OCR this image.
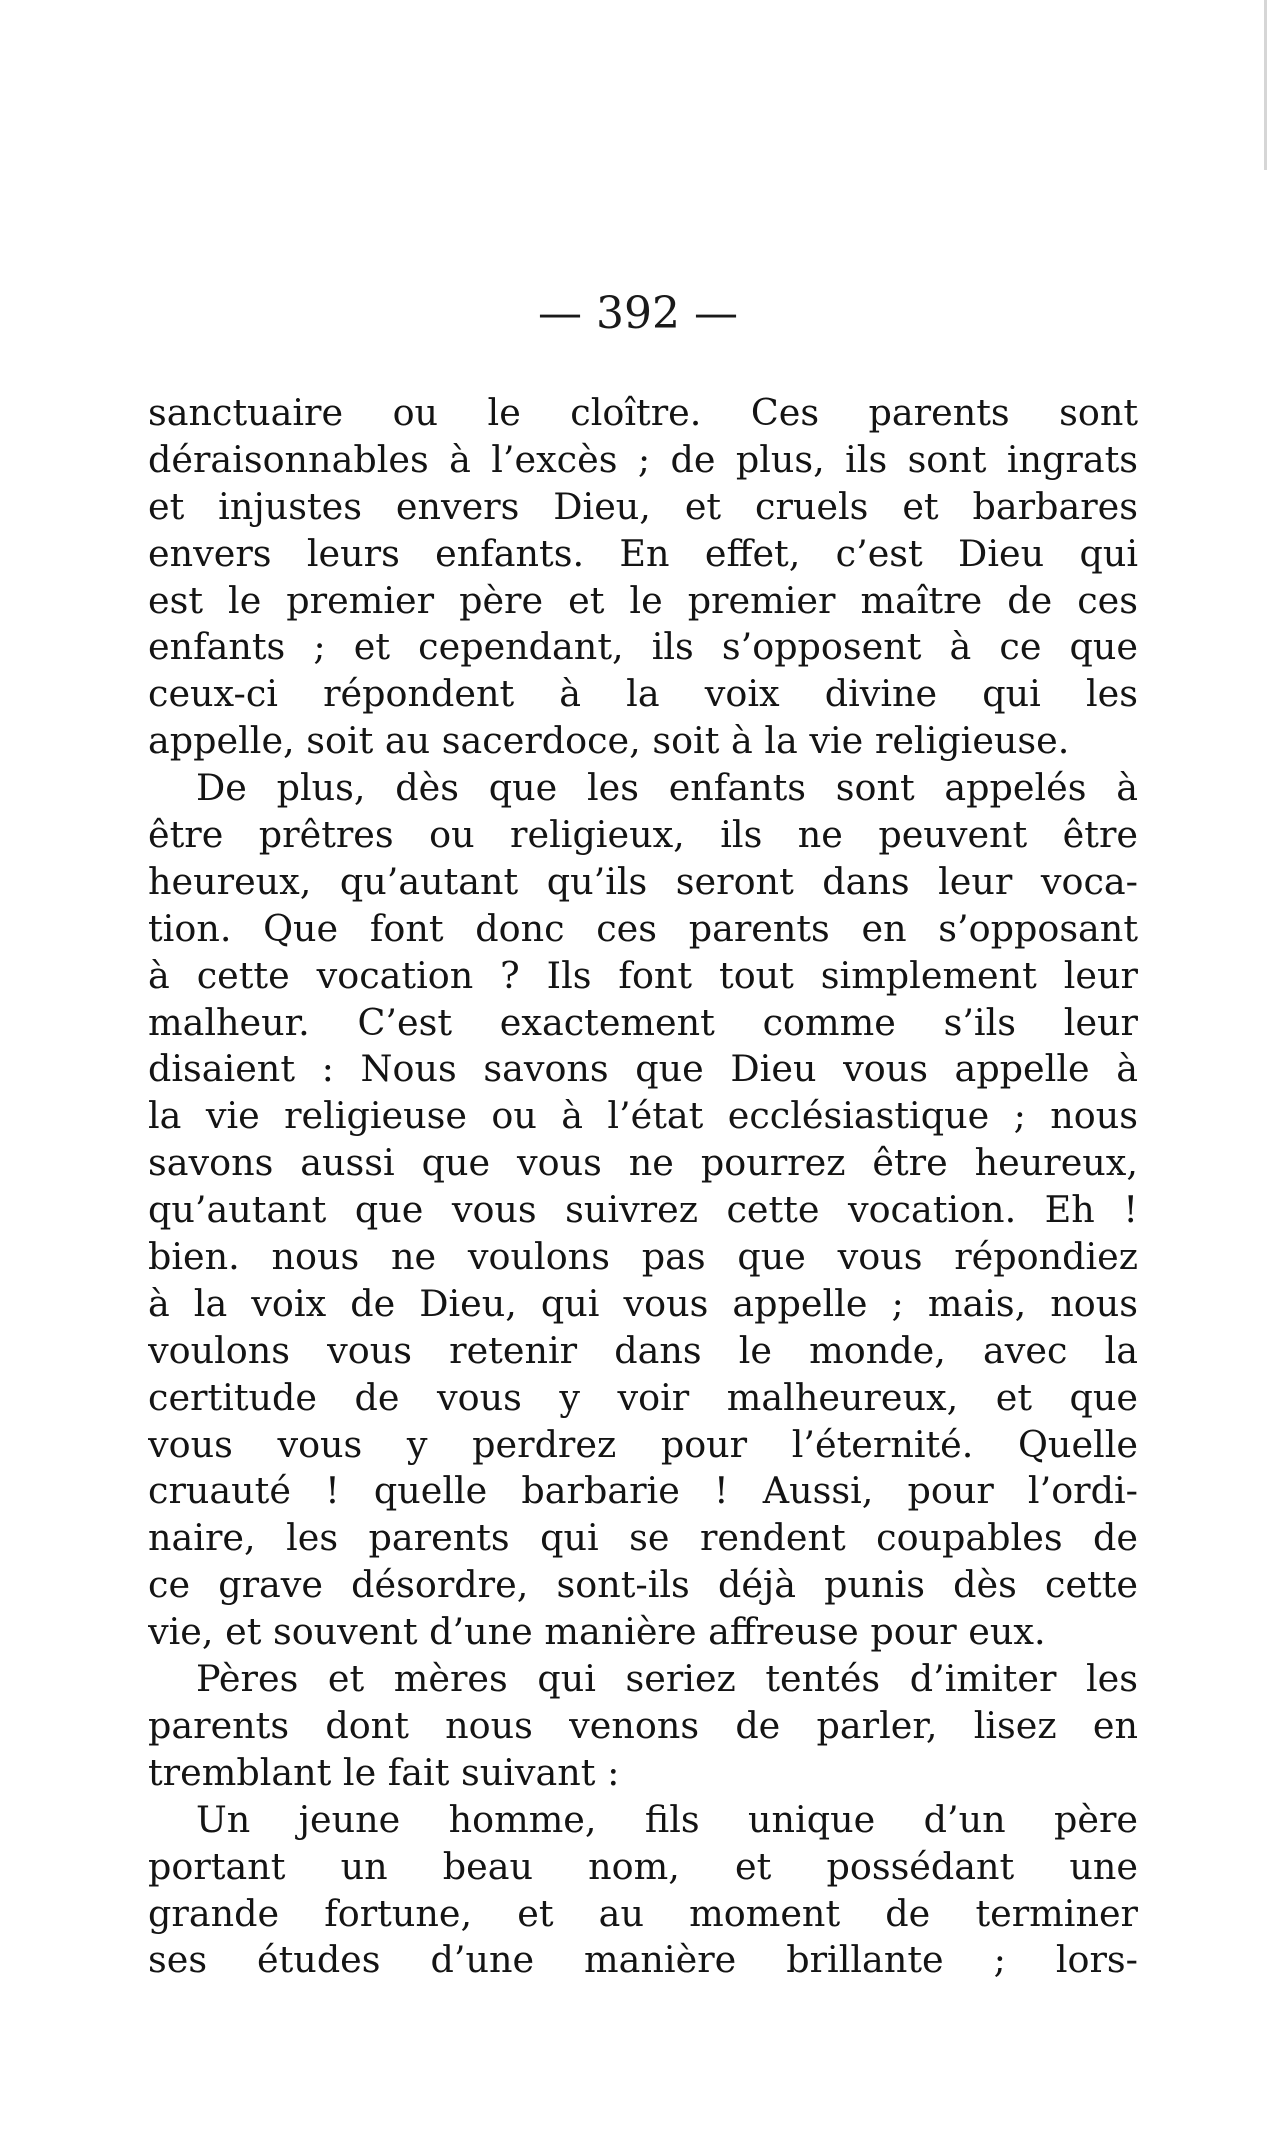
— 392 —
sanctuaire ou le cloître. Ces parents sont
déraisonnables à l’excès ; de plus, ils sont ingrats
et injustes envers Dieu, et cruels et barbares
envers leurs enfants. En effet, c’est Dieu qui
est le premier père et le premier maître de ces
enfants ; et cependant, ils s’opposent à ce que
ceux-ci répondent à la voix divine qui les
appelle, soit au sacerdoce, soit à la vie religieuse.
De plus, dès que les enfants sont appelés à
être prêtres ou religieux, ils ne peuvent être
heureux, qu’autant qu’ils seront dans leur voca-
tion. Que font donc ces parents en s’opposant
à cette vocation ? Ils font tout simplement leur
malheur. C’est exactement comme s’ils leur
disaient : Nous savons que Dieu vous appelle à
la vie religieuse ou à l’état ecclésiastique ; nous
savons aussi que vous ne pourrez être heureux,
qu’autant que vous suivrez cette vocation. Eh !
bien. nous ne voulons pas que vous répondiez
à la voix de Dieu, qui vous appelle ; mais, nous
voulons vous retenir dans le monde, avec la
certitude de vous y voir malheureux, et que
vous vous y perdrez pour l’éternité. Quelle
cruauté ! quelle barbarie ! Aussi, pour l’ordi-
naire, les parents qui se rendent coupables de
ce grave désordre, sont-ils déjà punis dès cette
vie, et souvent d’une manière affreuse pour eux.
Pères et mères qui seriez tentés d’imiter les
parents dont nous venons de parler, lisez en
tremblant le fait suivant :
Un jeune homme, fils unique d’un père
portant un beau nom, et possédant une
grande fortune, et au moment de terminer
ses études d’une manière brillante ; lors-
